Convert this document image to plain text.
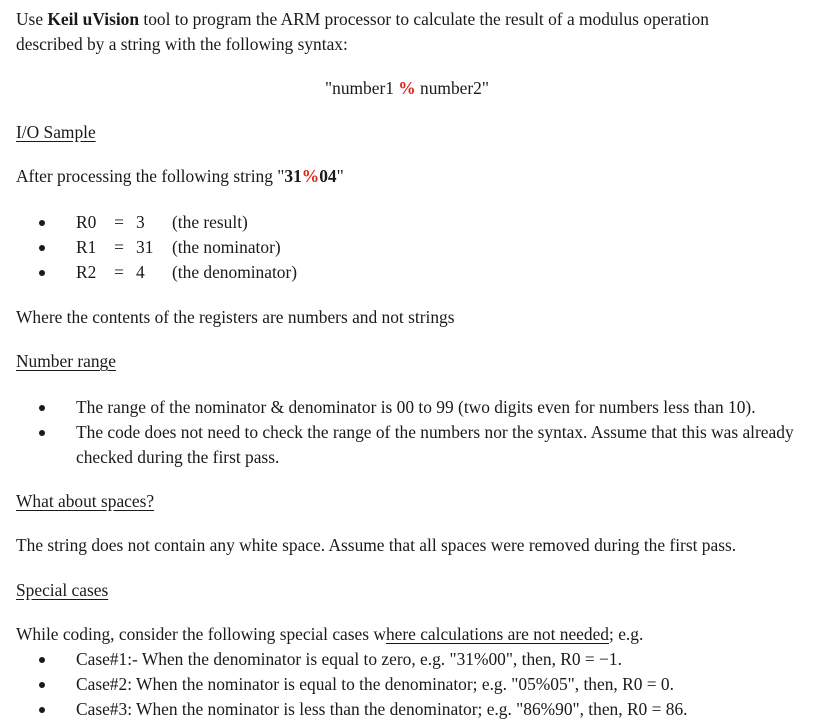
Use Keil uVision tool to program the ARM processor to calculate the result of a modulus operation
described by a string with the following syntax:

"number1 % number2"

I/O Sample

After processing the following string "31%04"

R0	= 3	(the result)
R1	= 31	(the nominator)
R2	= 4	(the denominator)

Where the contents of the registers are numbers and not strings

Number range

The range of the nominator & denominator is 00 to 99 (two digits even for numbers less than 10).
The code does not need to check the range of the numbers nor the syntax. Assume that this was already checked during the first pass.

What about spaces?

The string does not contain any white space. Assume that all spaces were removed during the first pass.

Special cases

While coding, consider the following special cases where calculations are not needed; e.g.

Case#1:- When the denominator is equal to zero, e.g. "31%00", then, R0 = −1.
Case#2: When the nominator is equal to the denominator; e.g. "05%05", then, R0 = 0.
Case#3: When the nominator is less than the denominator; e.g. "86%90", then, R0 = 86.
